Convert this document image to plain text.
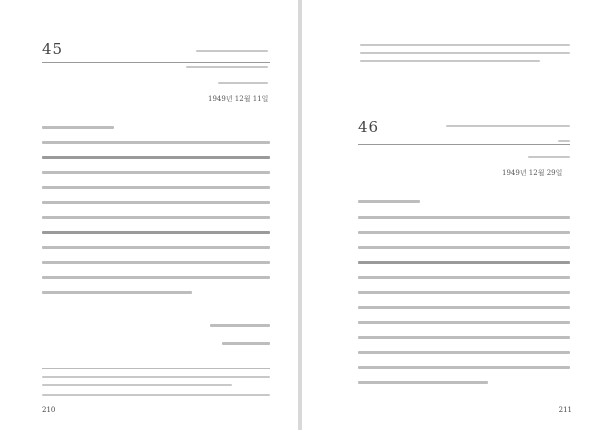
45
1949년 12월 11일
210
46
1949년 12월 29일
211
